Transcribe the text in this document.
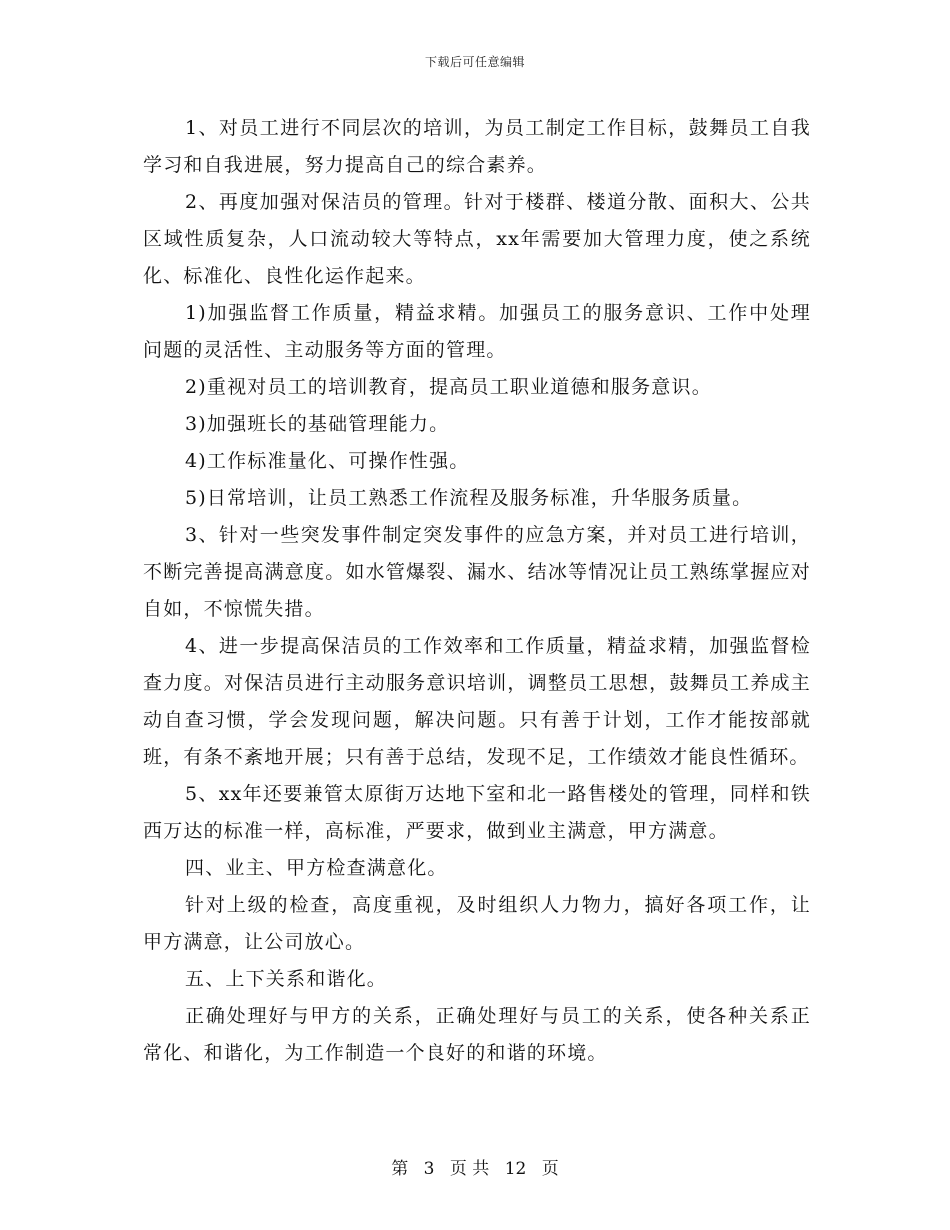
下载后可任意编辑

1、对员工进行不同层次的培训，为员工制定工作目标，鼓舞员工自我学习和自我进展，努力提高自己的综合素养。

2、再度加强对保洁员的管理。针对于楼群、楼道分散、面积大、公共区域性质复杂，人口流动较大等特点，xx年需要加大管理力度，使之系统化、标准化、良性化运作起来。

1)加强监督工作质量，精益求精。加强员工的服务意识、工作中处理问题的灵活性、主动服务等方面的管理。

2)重视对员工的培训教育，提高员工职业道德和服务意识。

3)加强班长的基础管理能力。

4)工作标准量化、可操作性强。

5)日常培训，让员工熟悉工作流程及服务标准，升华服务质量。

3、针对一些突发事件制定突发事件的应急方案，并对员工进行培训，不断完善提高满意度。如水管爆裂、漏水、结冰等情况让员工熟练掌握应对自如，不惊慌失措。

4、进一步提高保洁员的工作效率和工作质量，精益求精，加强监督检查力度。对保洁员进行主动服务意识培训，调整员工思想，鼓舞员工养成主动自查习惯，学会发现问题，解决问题。只有善于计划，工作才能按部就班，有条不紊地开展；只有善于总结，发现不足，工作绩效才能良性循环。

5、xx年还要兼管太原街万达地下室和北一路售楼处的管理，同样和铁西万达的标准一样，高标准，严要求，做到业主满意，甲方满意。

四、业主、甲方检查满意化。

针对上级的检查，高度重视，及时组织人力物力，搞好各项工作，让甲方满意，让公司放心。

五、上下关系和谐化。

正确处理好与甲方的关系，正确处理好与员工的关系，使各种关系正常化、和谐化，为工作制造一个良好的和谐的环境。

第 3 页 共 12 页
